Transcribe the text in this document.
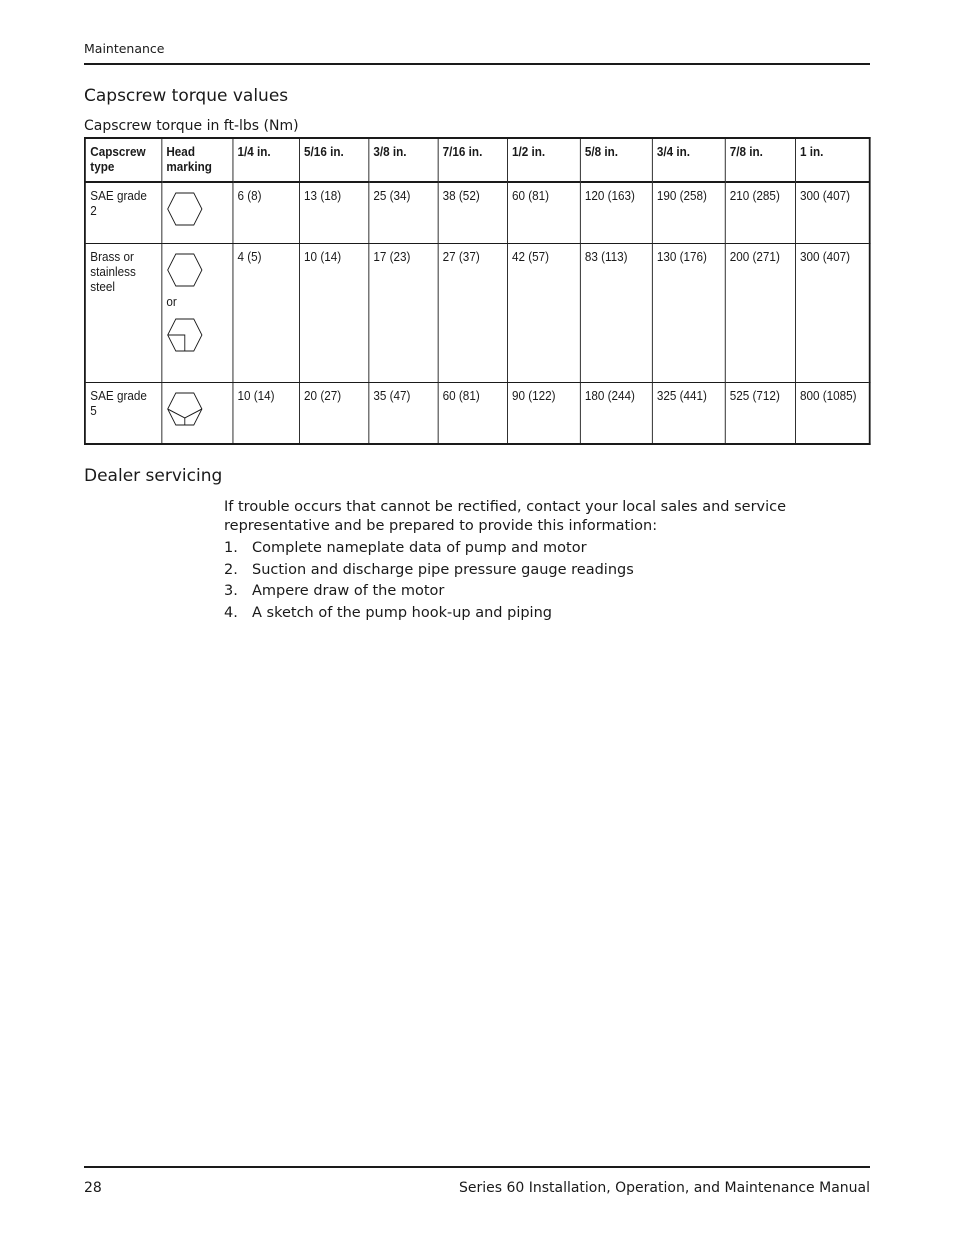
Maintenance
Capscrew torque values
Capscrew torque in ft-lbs (Nm)
Capscrew type	Head marking	1/4 in.	5/16 in.	3/8 in.	7/16 in.	1/2 in.	5/8 in.	3/4 in.	7/8 in.	1 in.
SAE grade 2		6 (8)	13 (18)	25 (34)	38 (52)	60 (81)	120 (163)	190 (258)	210 (285)	300 (407)
Brass or stainless steel	or	4 (5)	10 (14)	17 (23)	27 (37)	42 (57)	83 (113)	130 (176)	200 (271)	300 (407)
SAE grade 5		10 (14)	20 (27)	35 (47)	60 (81)	90 (122)	180 (244)	325 (441)	525 (712)	800 (1085)
Dealer servicing
If trouble occurs that cannot be rectified, contact your local sales and service representative and be prepared to provide this information:
1. Complete nameplate data of pump and motor
2. Suction and discharge pipe pressure gauge readings
3. Ampere draw of the motor
4. A sketch of the pump hook-up and piping
28	Series 60 Installation, Operation, and Maintenance Manual
